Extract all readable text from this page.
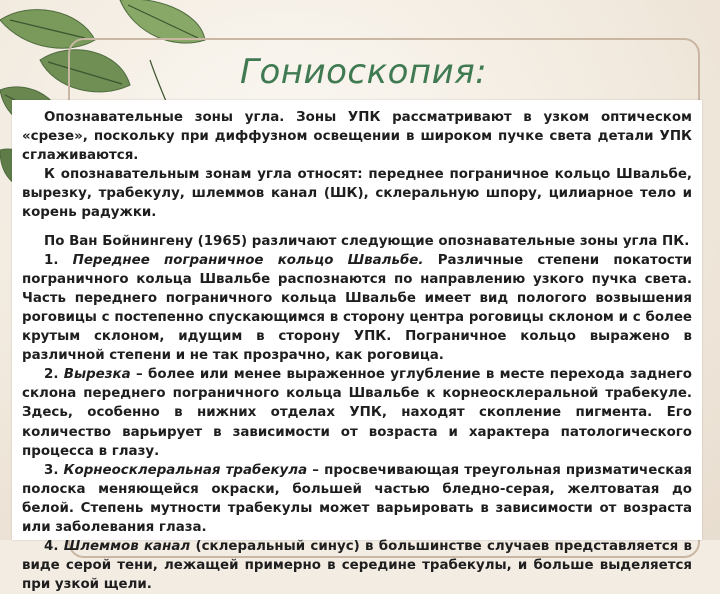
Гониоскопия:

Опознавательные зоны угла. Зоны УПК рассматривают в узком оптическом «срезе», поскольку при диффузном освещении в широком пучке света детали УПК сглаживаются.

К опознавательным зонам угла относят: переднее пограничное кольцо Швальбе, вырезку, трабекулу, шлеммов канал (ШК), склеральную шпору, цилиарное тело и корень радужки.

По Ван Бойнингену (1965) различают следующие опознавательные зоны угла ПК.

1. Переднее пограничное кольцо Швальбе. Различные степени покатости пограничного кольца Швальбе распознаются по направлению узкого пучка света. Часть переднего пограничного кольца Швальбе имеет вид пологого возвышения роговицы с постепенно спускающимся в сторону центра роговицы склоном и с более крутым склоном, идущим в сторону УПК. Пограничное кольцо выражено в различной степени и не так прозрачно, как роговица.

2. Вырезка – более или менее выраженное углубление в месте перехода заднего склона переднего пограничного кольца Швальбе к корнеосклеральной трабекуле. Здесь, особенно в нижних отделах УПК, находят скопление пигмента. Его количество варьирует в зависимости от возраста и характера патологического процесса в глазу.

3. Корнеосклеральная трабекула – просвечивающая треугольная призматическая полоска меняющейся окраски, большей частью бледно-серая, желтоватая до белой. Степень мутности трабекулы может варьировать в зависимости от возраста или заболевания глаза.

4. Шлеммов канал (склеральный синус) в большинстве случаев представляется в виде серой тени, лежащей примерно в середине трабекулы, и больше выделяется при узкой щели.
